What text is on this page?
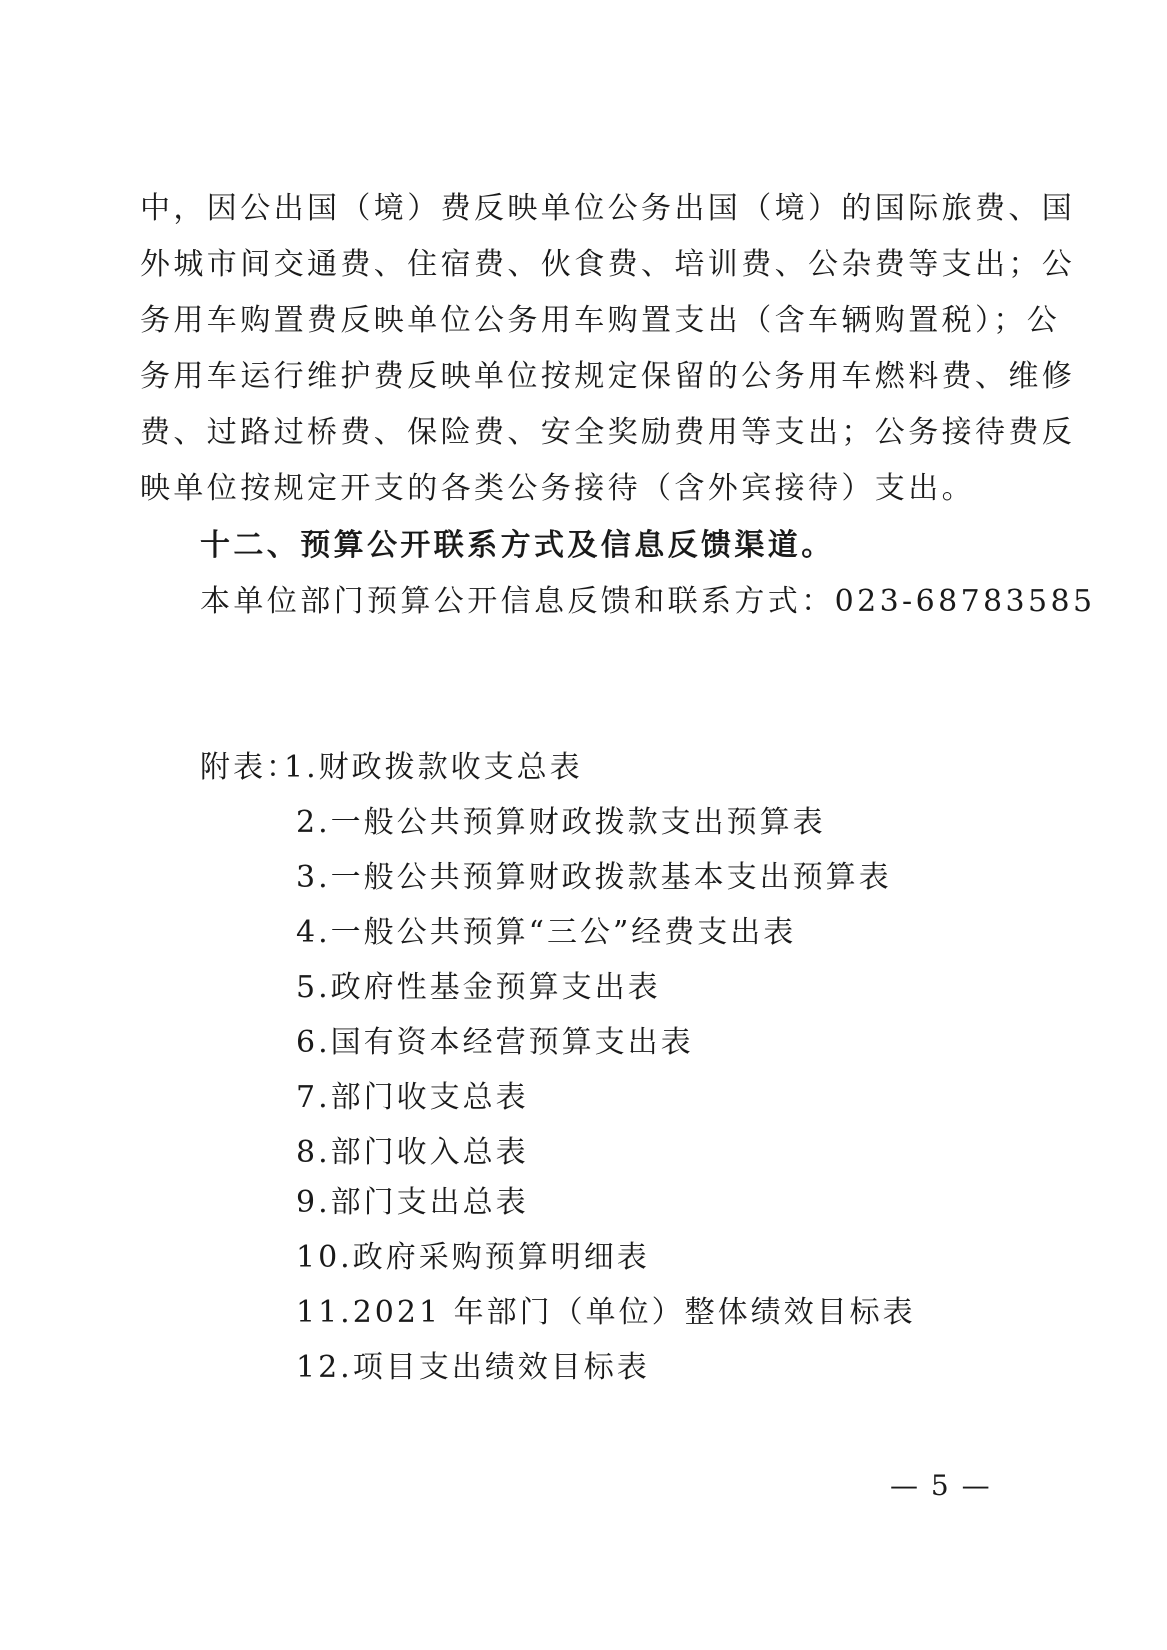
中，因公出国（境）费反映单位公务出国（境）的国际旅费、国
外城市间交通费、住宿费、伙食费、培训费、公杂费等支出；公
务用车购置费反映单位公务用车购置支出（含车辆购置税）；公
务用车运行维护费反映单位按规定保留的公务用车燃料费、维修
费、过路过桥费、保险费、安全奖励费用等支出；公务接待费反
映单位按规定开支的各类公务接待（含外宾接待）支出。
十二、预算公开联系方式及信息反馈渠道。
本单位部门预算公开信息反馈和联系方式：023-68783585
附表：
1.财政拨款收支总表
2.一般公共预算财政拨款支出预算表
3.一般公共预算财政拨款基本支出预算表
4.一般公共预算“三公”经费支出表
5.政府性基金预算支出表
6.国有资本经营预算支出表
7.部门收支总表
8.部门收入总表
9.部门支出总表
10.政府采购预算明细表
11.2021 年部门（单位）整体绩效目标表
12.项目支出绩效目标表
— 5 —
